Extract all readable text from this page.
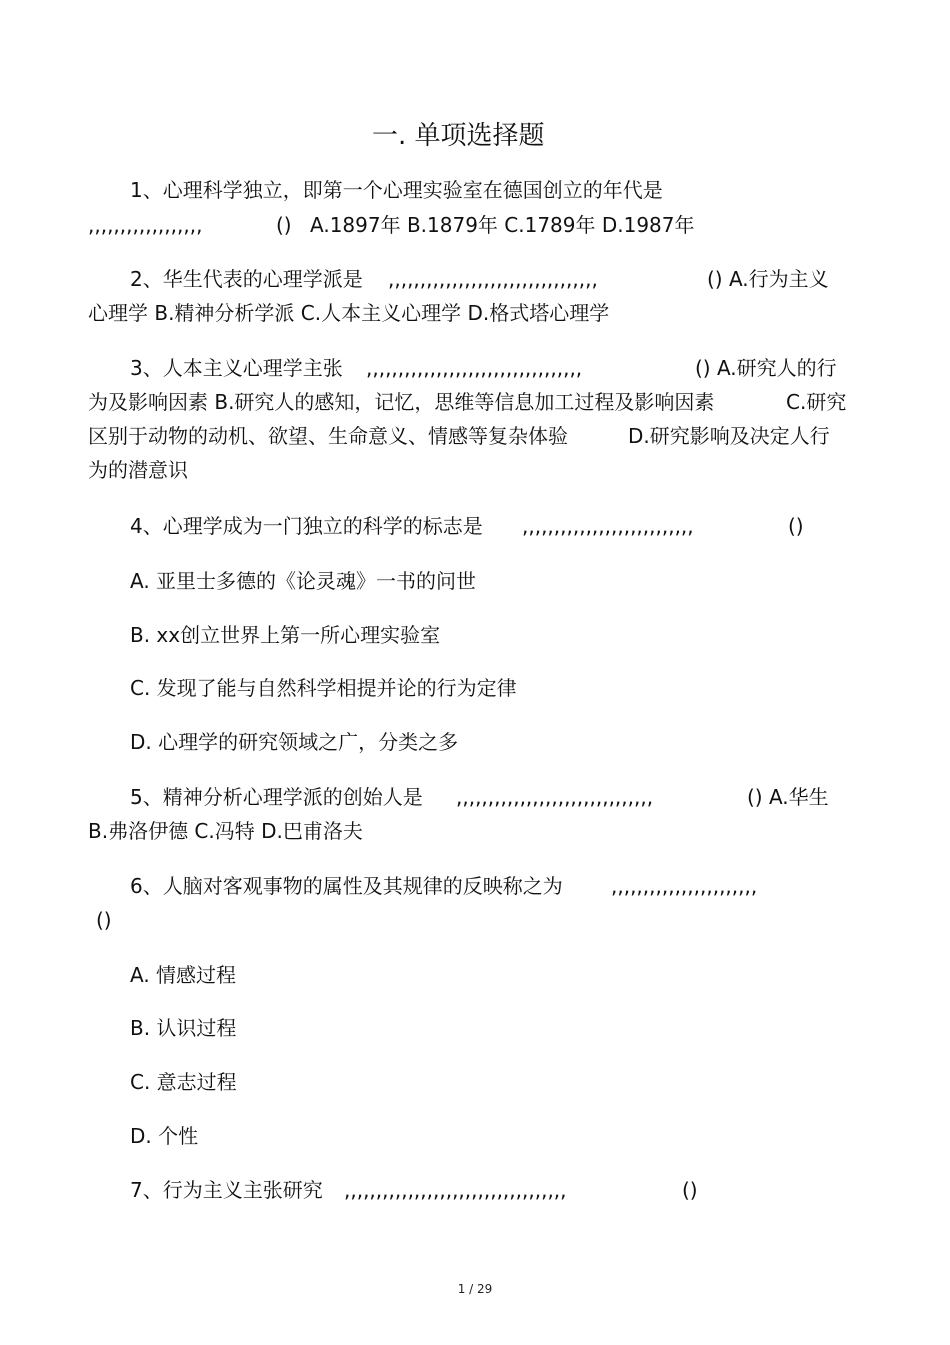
一. 单项选择题
1、心理科学独立，即第一个心理实验室在德国创立的年代是
,,,,,,,,,,,,,,,,,,	() A.1897年 B.1879年 C.1789年 D.1987年
2、华生代表的心理学派是 ,,,,,,,,,,,,,,,,,,,,,,,,,,,,,,,,,	() A.行为主义
心理学 B.精神分析学派 C.人本主义心理学 D.格式塔心理学
3、人本主义心理学主张 ,,,,,,,,,,,,,,,,,,,,,,,,,,,,,,,,,,	() A.研究人的行
为及影响因素 B.研究人的感知，记忆，思维等信息加工过程及影响因素	C.研究
区别于动物的动机、欲望、生命意义、情感等复杂体验	D.研究影响及决定人行
为的潜意识
4、心理学成为一门独立的科学的标志是 ,,,,,,,,,,,,,,,,,,,,,,,,,,,	()
A. 亚里士多德的《论灵魂》一书的问世
B. xx创立世界上第一所心理实验室
C. 发现了能与自然科学相提并论的行为定律
D. 心理学的研究领域之广，分类之多
5、精神分析心理学派的创始人是 ,,,,,,,,,,,,,,,,,,,,,,,,,,,,,,,	() A.华生
B.弗洛伊德 C.冯特 D.巴甫洛夫
6、人脑对客观事物的属性及其规律的反映称之为 ,,,,,,,,,,,,,,,,,,,,,,,
()
A. 情感过程
B. 认识过程
C. 意志过程
D. 个性
7、行为主义主张研究 ,,,,,,,,,,,,,,,,,,,,,,,,,,,,,,,,,,,	()
1 / 29
